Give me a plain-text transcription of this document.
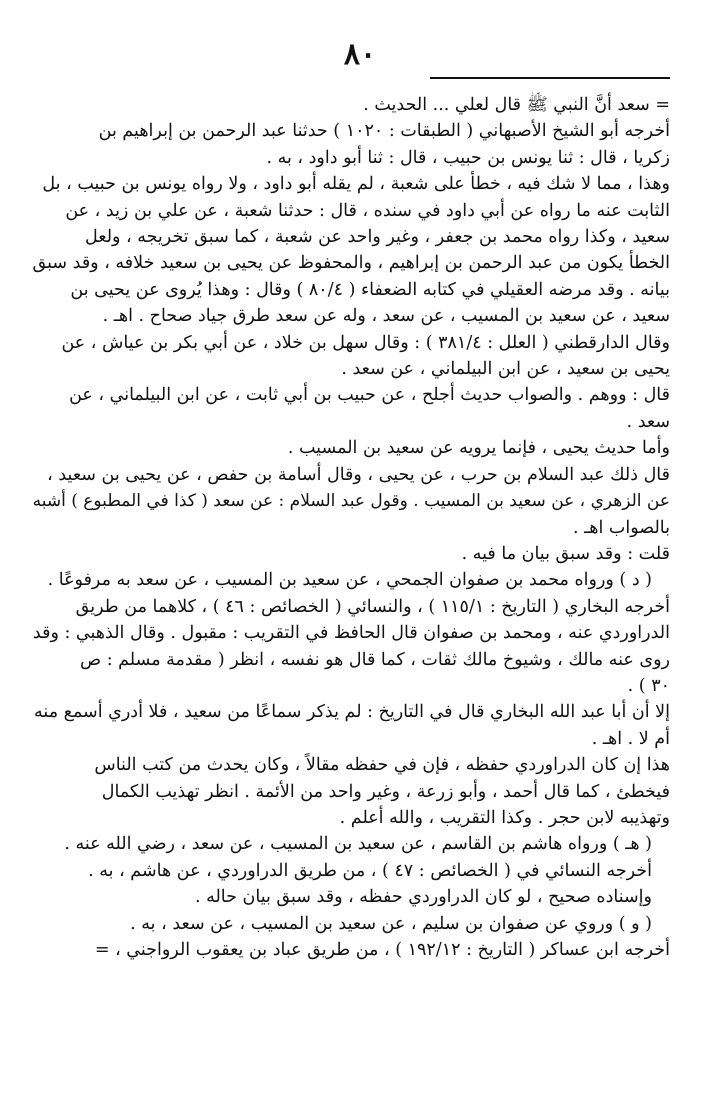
٨٠
= سعد أنَّ النبي ﷺ قال لعلي ... الحديث .
أخرجه أبو الشيخ الأصبهاني ( الطبقات : ١٠٢٠ ) حدثنا عبد الرحمن بن إبراهيم بن
زكريا ، قال : ثنا يونس بن حبيب ، قال : ثنا أبو داود ، به .
وهذا ، مما لا شك فيه ، خطأ على شعبة ، لم يقله أبو داود ، ولا رواه يونس بن حبيب ، بل
الثابت عنه ما رواه عن أبي داود في سنده ، قال : حدثنا شعبة ، عن علي بن زيد ، عن
سعيد ، وكذا رواه محمد بن جعفر ، وغير واحد عن شعبة ، كما سبق تخريجه ، ولعل
الخطأ يكون من عبد الرحمن بن إبراهيم ، والمحفوظ عن يحيى بن سعيد خلافه ، وقد سبق
بيانه . وقد مرضه العقيلي في كتابه الضعفاء ( ٨٠/٤ ) وقال : وهذا يُروى عن يحيى بن
سعيد ، عن سعيد بن المسيب ، عن سعد ، وله عن سعد طرق جياد صحاح . اهـ .
وقال الدارقطني ( العلل : ٣٨١/٤ ) : وقال سهل بن خلاد ، عن أبي بكر بن عياش ، عن
يحيى بن سعيد ، عن ابن البيلماني ، عن سعد .
قال : ووهم . والصواب حديث أجلح ، عن حبيب بن أبي ثابت ، عن ابن البيلماني ، عن
سعد .
وأما حديث يحيى ، فإنما يرويه عن سعيد بن المسيب .
قال ذلك عبد السلام بن حرب ، عن يحيى ، وقال أسامة بن حفص ، عن يحيى بن سعيد ،
عن الزهري ، عن سعيد بن المسيب . وقول عبد السلام : عن سعد ( كذا في المطبوع ) أشبه
بالصواب اهـ .
قلت : وقد سبق بيان ما فيه .
( د ) ورواه محمد بن صفوان الجمحي ، عن سعيد بن المسيب ، عن سعد به مرفوعًا .
أخرجه البخاري ( التاريخ : ١١٥/١ ) ، والنسائي ( الخصائص : ٤٦ ) ، كلاهما من طريق
الدراوردي عنه ، ومحمد بن صفوان قال الحافظ في التقريب : مقبول . وقال الذهبي : وقد
روى عنه مالك ، وشيوخ مالك ثقات ، كما قال هو نفسه ، انظر ( مقدمة مسلم : ص
٣٠ ) .
إلا أن أبا عبد الله البخاري قال في التاريخ : لم يذكر سماعًا من سعيد ، فلا أدري أسمع منه
أم لا . اهـ .
هذا إن كان الدراوردي حفظه ، فإن في حفظه مقالاً ، وكان يحدث من كتب الناس
فيخطئ ، كما قال أحمد ، وأبو زرعة ، وغير واحد من الأئمة . انظر تهذيب الكمال
وتهذيبه لابن حجر . وكذا التقريب ، والله أعلم .
( هـ ) ورواه هاشم بن القاسم ، عن سعيد بن المسيب ، عن سعد ، رضي الله عنه .
أخرجه النسائي في ( الخصائص : ٤٧ ) ، من طريق الدراوردي ، عن هاشم ، به .
وإسناده صحيح ، لو كان الدراوردي حفظه ، وقد سبق بيان حاله .
( و ) وروي عن صفوان بن سليم ، عن سعيد بن المسيب ، عن سعد ، به .
أخرجه ابن عساكر ( التاريخ : ١٩٢/١٢ ) ، من طريق عباد بن يعقوب الرواجني ، =
